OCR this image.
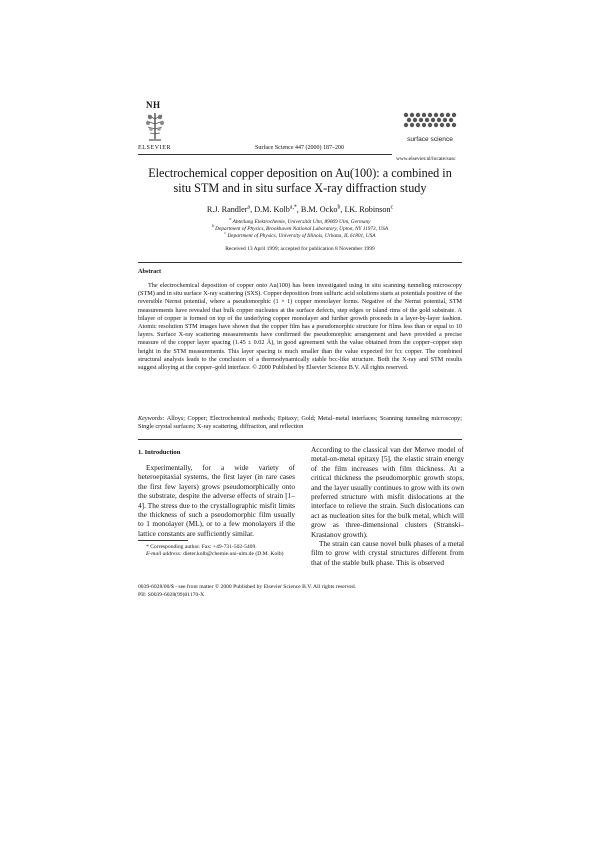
NH
ELSEVIER	Surface Science 447 (2000) 187–200
surface science
www.elsevier.nl/locate/susc
Electrochemical copper deposition on Au(100): a combined in
situ STM and in situ surface X-ray diffraction study
R.J. Randler$^a$, D.M. Kolb$^{a,*}$, B.M. Ocko$^b$, I.K. Robinson$^c$
$^a$ Abteilung Elektrochemie, Universität Ulm, 89069 Ulm, Germany
$^b$ Department of Physics, Brookhaven National Laboratory, Upton, NY 11973, USA
$^c$ Department of Physics, University of Illinois, Urbana, IL 61801, USA
Received 13 April 1999; accepted for publication 8 November 1999
Abstract
The electrochemical deposition of copper onto Au(100) has been investigated using in situ scanning tunneling microscopy (STM) and in situ surface X-ray scattering (SXS). Copper deposition from sulfuric acid solutions starts at potentials positive of the reversible Nernst potential, where a pseudomorphic (1 × 1) copper monolayer forms. Negative of the Nernst potential, STM measurements have revealed that bulk copper nucleates at the surface defects, step edges or island rims of the gold substrate. A bilayer of copper is formed on top of the underlying copper monolayer and further growth proceeds in a layer-by-layer fashion. Atomic resolution STM images have shown that the copper film has a pseudomorphic structure for films less than or equal to 10 layers. Surface X-ray scattering measurements have confirmed the pseudomorphic arrangement and have provided a precise measure of the copper layer spacing (1.45 ± 0.02 Å), in good agreement with the value obtained from the copper–copper step height in the STM measurements. This layer spacing is much smaller than the value expected for fcc copper. The combined structural analysis leads to the conclusion of a thermodynamically stable bcc-like structure. Both the X-ray and STM results suggest alloying at the copper–gold interface. © 2000 Published by Elsevier Science B.V. All rights reserved.
Keywords: Alloys; Copper; Electrochemical methods; Epitaxy; Gold; Metal–metal interfaces; Scanning tunneling microscopy; Single crystal surfaces; X-ray scattering, diffraction, and reflection
1. Introduction
Experimentally, for a wide variety of heteroepitaxial systems, the first layer (in rare cases the first few layers) grows pseudomorphically onto the substrate, despite the adverse effects of strain [1–4]. The stress due to the crystallographic misfit limits the thickness of such a pseudomorphic film usually to 1 monolayer (ML), or to a few monolayers if the lattice constants are sufficiently similar.
* Corresponding author. Fax: +49-731-502-5409.
E-mail address: dieter.kolb@chemie.uni-ulm.de (D.M. Kolb)
According to the classical van der Merwe model of metal-on-metal epitaxy [5], the elastic strain energy of the film increases with film thickness. At a critical thickness the pseudomorphic growth stops, and the layer usually continues to grow with its own preferred structure with misfit dislocations at the interface to relieve the strain. Such dislocations can act as nucleation sites for the bulk metal, which will grow as three-dimensional clusters (Stranski–Krastanov growth).
The strain can cause novel bulk phases of a metal film to grow with crystal structures different from that of the stable bulk phase. This is observed
0039-6028/00/$ - see front matter © 2000 Published by Elsevier Science B.V. All rights reserved.
PII: S0039-6028(99)01170-X
